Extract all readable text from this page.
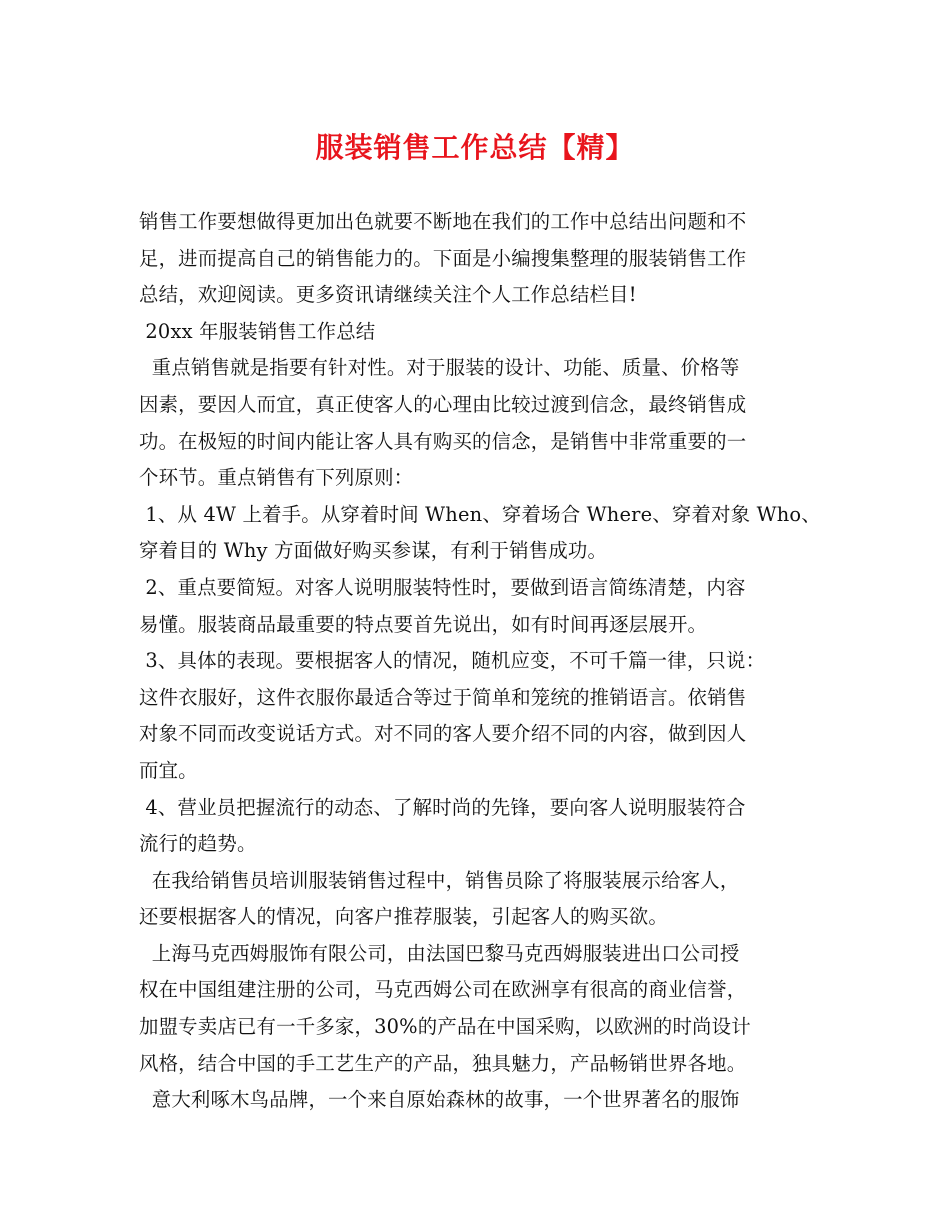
服装销售工作总结【精】
销售工作要想做得更加出色就要不断地在我们的工作中总结出问题和不
足，进而提高自己的销售能力的。下面是小编搜集整理的服装销售工作
总结，欢迎阅读。更多资讯请继续关注个人工作总结栏目!
20xx 年服装销售工作总结
重点销售就是指要有针对性。对于服装的设计、功能、质量、价格等
因素，要因人而宜，真正使客人的心理由比较过渡到信念，最终销售成
功。在极短的时间内能让客人具有购买的信念，是销售中非常重要的一
个环节。重点销售有下列原则：
1、从 4W 上着手。从穿着时间 When、穿着场合 Where、穿着对象 Who、
穿着目的 Why 方面做好购买参谋，有利于销售成功。
2、重点要简短。对客人说明服装特性时，要做到语言简练清楚，内容
易懂。服装商品最重要的特点要首先说出，如有时间再逐层展开。
3、具体的表现。要根据客人的情况，随机应变，不可千篇一律，只说：
这件衣服好，这件衣服你最适合等过于简单和笼统的推销语言。依销售
对象不同而改变说话方式。对不同的客人要介绍不同的内容，做到因人
而宜。
4、营业员把握流行的动态、了解时尚的先锋，要向客人说明服装符合
流行的趋势。
在我给销售员培训服装销售过程中，销售员除了将服装展示给客人，
还要根据客人的情况，向客户推荐服装，引起客人的购买欲。
上海马克西姆服饰有限公司，由法国巴黎马克西姆服装进出口公司授
权在中国组建注册的公司，马克西姆公司在欧洲享有很高的商业信誉，
加盟专卖店已有一千多家，30%的产品在中国采购，以欧洲的时尚设计
风格，结合中国的手工艺生产的产品，独具魅力，产品畅销世界各地。
意大利啄木鸟品牌，一个来自原始森林的故事，一个世界著名的服饰
